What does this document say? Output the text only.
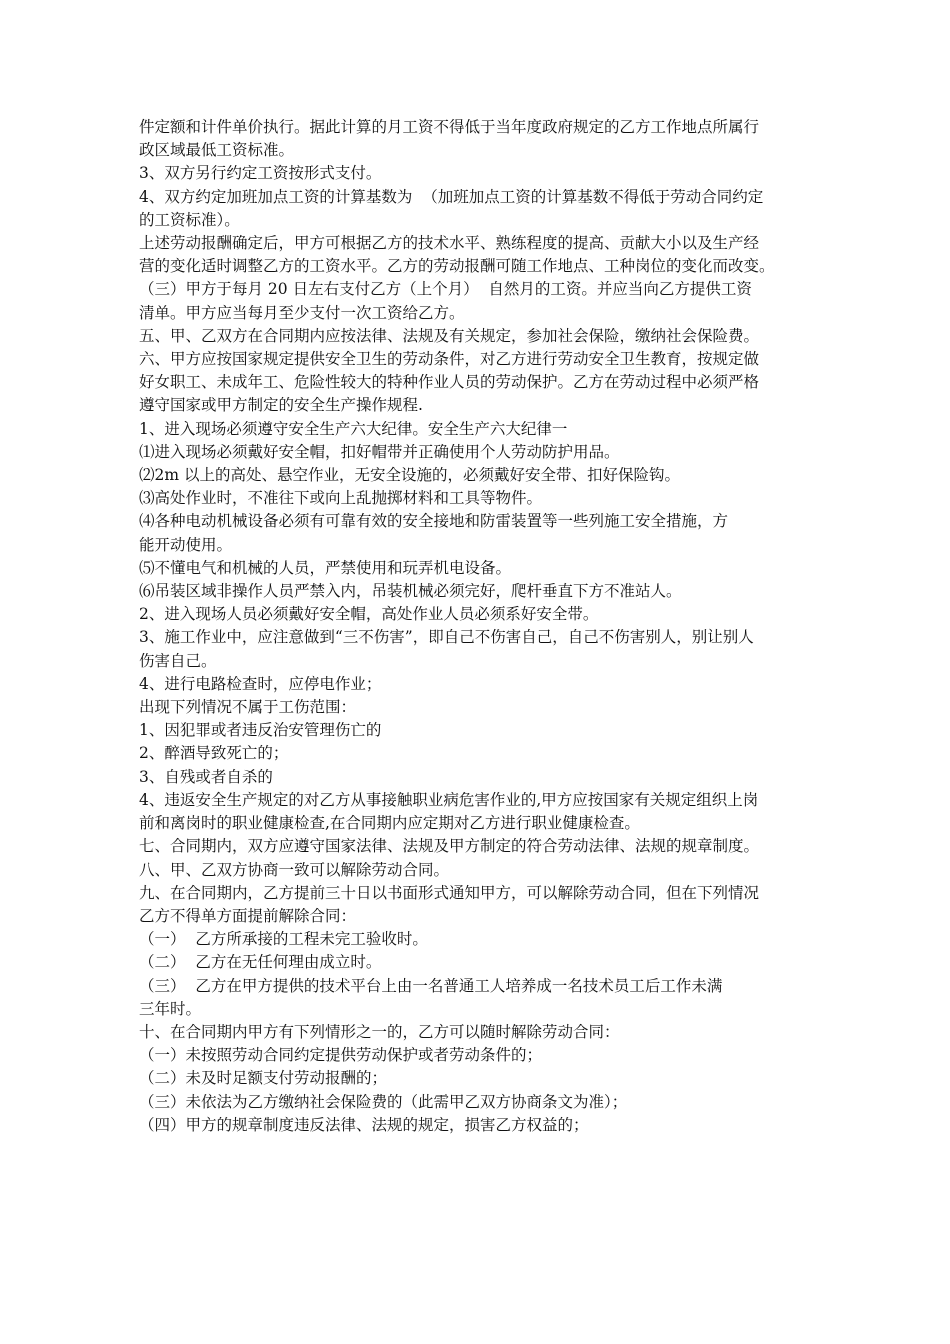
件定额和计件单价执行。据此计算的月工资不得低于当年度政府规定的乙方工作地点所属行

政区域最低工资标准。

3、双方另行约定工资按形式支付。

4、双方约定加班加点工资的计算基数为  （加班加点工资的计算基数不得低于劳动合同约定

的工资标准）。

上述劳动报酬确定后，甲方可根据乙方的技术水平、熟练程度的提高、贡献大小以及生产经

营的变化适时调整乙方的工资水平。乙方的劳动报酬可随工作地点、工种岗位的变化而改变。

（三）甲方于每月 20 日左右支付乙方（上个月）  自然月的工资。并应当向乙方提供工资

清单。甲方应当每月至少支付一次工资给乙方。

五、甲、乙双方在合同期内应按法律、法规及有关规定，参加社会保险，缴纳社会保险费。

六、甲方应按国家规定提供安全卫生的劳动条件，对乙方进行劳动安全卫生教育，按规定做

好女职工、未成年工、危险性较大的特种作业人员的劳动保护。乙方在劳动过程中必须严格

遵守国家或甲方制定的安全生产操作规程.

1、进入现场必须遵守安全生产六大纪律。安全生产六大纪律一

⑴进入现场必须戴好安全帽，扣好帽带并正确使用个人劳动防护用品。

⑵2m 以上的高处、悬空作业，无安全设施的，必须戴好安全带、扣好保险钩。

⑶高处作业时，不准往下或向上乱抛掷材料和工具等物件。

⑷各种电动机械设备必须有可靠有效的安全接地和防雷装置等一些列施工安全措施，方

能开动使用。

⑸不懂电气和机械的人员，严禁使用和玩弄机电设备。

⑹吊装区域非操作人员严禁入内，吊装机械必须完好，爬杆垂直下方不准站人。

2、进入现场人员必须戴好安全帽，高处作业人员必须系好安全带。

3、施工作业中，应注意做到“三不伤害”，即自己不伤害自己，自己不伤害别人，别让别人

伤害自己。

4、进行电路检查时，应停电作业；

出现下列情况不属于工伤范围：

1、因犯罪或者违反治安管理伤亡的

2、醉酒导致死亡的；

3、自残或者自杀的

4、违返安全生产规定的对乙方从事接触职业病危害作业的,甲方应按国家有关规定组织上岗

前和离岗时的职业健康检查,在合同期内应定期对乙方进行职业健康检查。

七、合同期内，双方应遵守国家法律、法规及甲方制定的符合劳动法律、法规的规章制度。

八、甲、乙双方协商一致可以解除劳动合同。

九、在合同期内，乙方提前三十日以书面形式通知甲方，可以解除劳动合同，但在下列情况

乙方不得单方面提前解除合同：

（一）  乙方所承接的工程未完工验收时。

（二）  乙方在无任何理由成立时。

（三）  乙方在甲方提供的技术平台上由一名普通工人培养成一名技术员工后工作未满

三年时。

十、在合同期内甲方有下列情形之一的，乙方可以随时解除劳动合同：

（一）未按照劳动合同约定提供劳动保护或者劳动条件的；

（二）未及时足额支付劳动报酬的；

（三）未依法为乙方缴纳社会保险费的（此需甲乙双方协商条文为准）；

（四）甲方的规章制度违反法律、法规的规定，损害乙方权益的；
